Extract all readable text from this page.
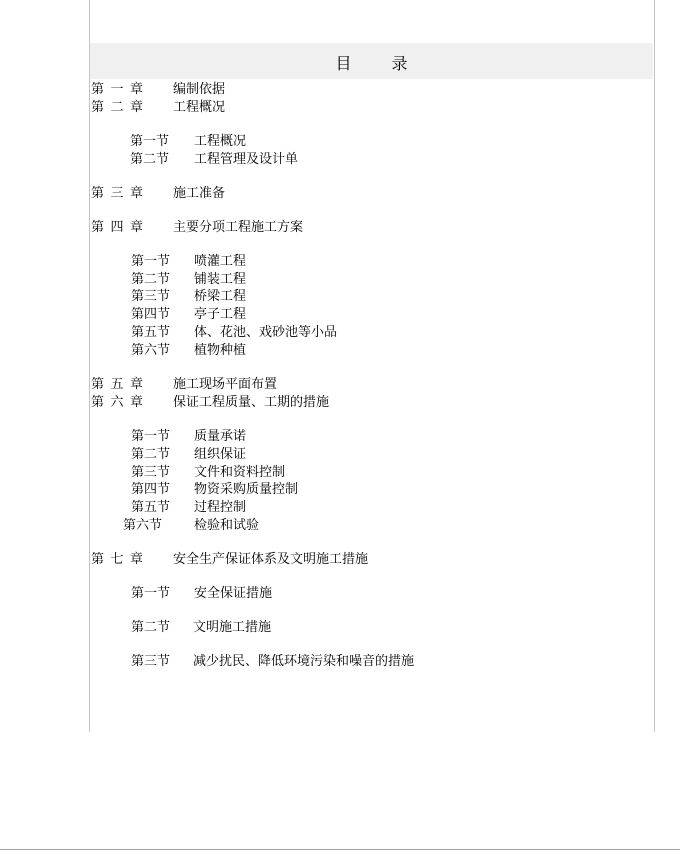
目录
第一章 编制依据
第二章 工程概况
第一节 工程概况
第二节 工程管理及设计单
第三章 施工准备
第四章 主要分项工程施工方案
第一节 喷灌工程
第二节 铺装工程
第三节 桥梁工程
第四节 亭子工程
第五节 体、花池、戏砂池等小品
第六节 植物种植
第五章 施工现场平面布置
第六章 保证工程质量、工期的措施
第一节 质量承诺
第二节 组织保证
第三节 文件和资料控制
第四节 物资采购质量控制
第五节 过程控制
第六节 检验和试验
第七章 安全生产保证体系及文明施工措施
第一节 安全保证措施
第二节 文明施工措施
第三节 减少扰民、降低环境污染和噪音的措施
